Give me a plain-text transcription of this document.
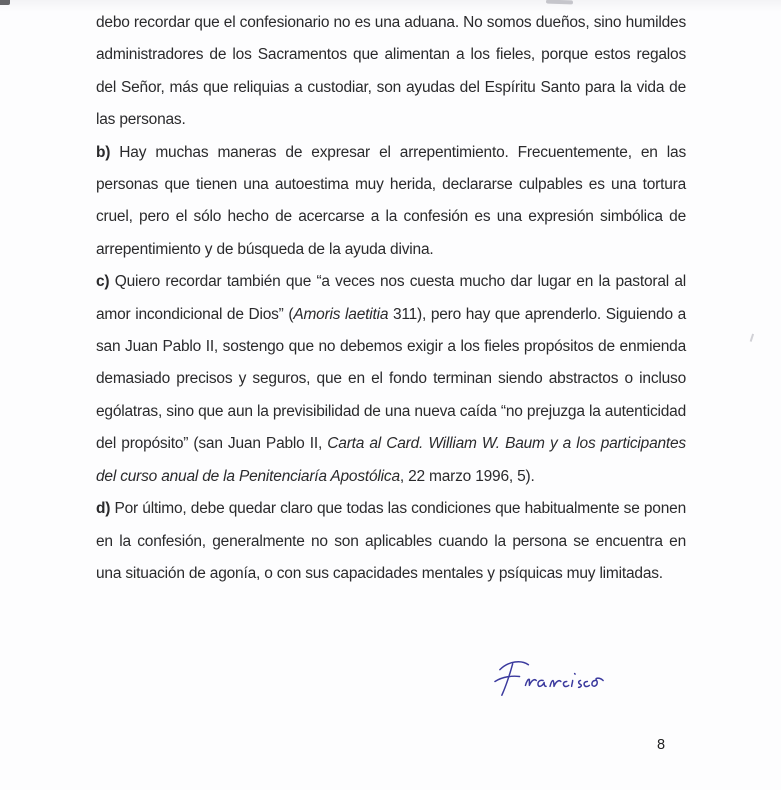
debo recordar que el confesionario no es una aduana. No somos dueños, sino humildes administradores de los Sacramentos que alimentan a los fieles, porque estos regalos del Señor, más que reliquias a custodiar, son ayudas del Espíritu Santo para la vida de las personas.

b) Hay muchas maneras de expresar el arrepentimiento. Frecuentemente, en las personas que tienen una autoestima muy herida, declararse culpables es una tortura cruel, pero el sólo hecho de acercarse a la confesión es una expresión simbólica de arrepentimiento y de búsqueda de la ayuda divina.

c) Quiero recordar también que “a veces nos cuesta mucho dar lugar en la pastoral al amor incondicional de Dios” (Amoris laetitia 311), pero hay que aprenderlo. Siguiendo a san Juan Pablo II, sostengo que no debemos exigir a los fieles propósitos de enmienda demasiado precisos y seguros, que en el fondo terminan siendo abstractos o incluso ególatras, sino que aun la previsibilidad de una nueva caída “no prejuzga la autenticidad del propósito” (san Juan Pablo II, Carta al Card. William W. Baum y a los participantes del curso anual de la Penitenciaría Apostólica, 22 marzo 1996, 5).

d) Por último, debe quedar claro que todas las condiciones que habitualmente se ponen en la confesión, generalmente no son aplicables cuando la persona se encuentra en una situación de agonía, o con sus capacidades mentales y psíquicas muy limitadas.

8
